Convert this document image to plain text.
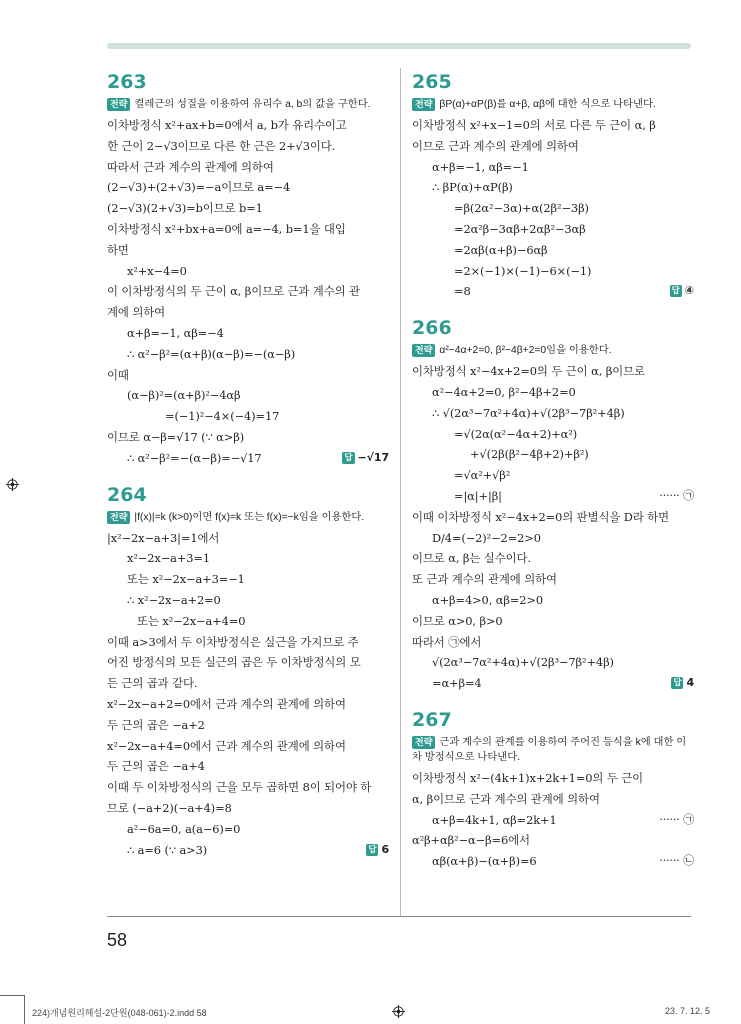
263
전략 켤레근의 성질을 이용하여 유리수 a, b의 값을 구한다.
이차방정식 x²+ax+b=0에서 a, b가 유리수이고
한 근이 2−√3이므로 다른 한 근은 2+√3이다.
따라서 근과 계수의 관계에 의하여
(2−√3)+(2+√3)=−a이므로 a=−4
(2−√3)(2+√3)=b이므로 b=1
이차방정식 x²+bx+a=0에 a=−4, b=1을 대입
하면
x²+x−4=0
이 이차방정식의 두 근이 α, β이므로 근과 계수의 관
계에 의하여
α+β=−1, αβ=−4
∴ α²−β²=(α+β)(α−β)=−(α−β)
이때
(α−β)²=(α+β)²−4αβ
=(−1)²−4×(−4)=17
이므로 α−β=√17 (∵ α>β)
답 −√17
∴ α²−β²=−(α−β)=−√17
264
전략 |f(x)|=k (k>0)이면 f(x)=k 또는 f(x)=−k임을 이용한다.
|x²−2x−a+3|=1에서
x²−2x−a+3=1
또는 x²−2x−a+3=−1
∴ x²−2x−a+2=0
또는 x²−2x−a+4=0
이때 a>3에서 두 이차방정식은 실근을 가지므로 주
어진 방정식의 모든 실근의 곱은 두 이차방정식의 모
든 근의 곱과 같다.
x²−2x−a+2=0에서 근과 계수의 관계에 의하여
두 근의 곱은 −a+2
x²−2x−a+4=0에서 근과 계수의 관계에 의하여
두 근의 곱은 −a+4
이때 두 이차방정식의 근을 모두 곱하면 8이 되어야 하
므로 (−a+2)(−a+4)=8
a²−6a=0, a(a−6)=0
답 6
∴ a=6 (∵ a>3)
265
전략 βP(α)+αP(β)를 α+β, αβ에 대한 식으로 나타낸다.
이차방정식 x²+x−1=0의 서로 다른 두 근이 α, β
이므로 근과 계수의 관계에 의하여
α+β=−1, αβ=−1
∴ βP(α)+αP(β)
=β(2α²−3α)+α(2β²−3β)
=2α²β−3αβ+2αβ²−3αβ
=2αβ(α+β)−6αβ
=2×(−1)×(−1)−6×(−1)
답 ④
=8
266
전략 α²−4α+2=0, β²−4β+2=0임을 이용한다.
이차방정식 x²−4x+2=0의 두 근이 α, β이므로
α²−4α+2=0, β²−4β+2=0
∴ √(2α³−7α²+4α)+√(2β³−7β²+4β)
=√(2α(α²−4α+2)+α²)
+√(2β(β²−4β+2)+β²)
=√α²+√β²
······ ㉠
=|α|+|β|
이때 이차방정식 x²−4x+2=0의 판별식을 D라 하면
D/4=(−2)²−2=2>0
이므로 α, β는 실수이다.
또 근과 계수의 관계에 의하여
α+β=4>0, αβ=2>0
이므로 α>0, β>0
따라서 ㉠에서
√(2α³−7α²+4α)+√(2β³−7β²+4β)
답 4
=α+β=4
267
전략 근과 계수의 관계를 이용하여 주어진 등식을 k에 대한 이차 방정식으로 나타낸다.
이차방정식 x²−(4k+1)x+2k+1=0의 두 근이
α, β이므로 근과 계수의 관계에 의하여
······ ㉠
α+β=4k+1, αβ=2k+1
α²β+αβ²−α−β=6에서
······ ㉡
αβ(α+β)−(α+β)=6
58
224)개념원리해설-2단원(048-061)-2.indd 58	23. 7. 12. 5
